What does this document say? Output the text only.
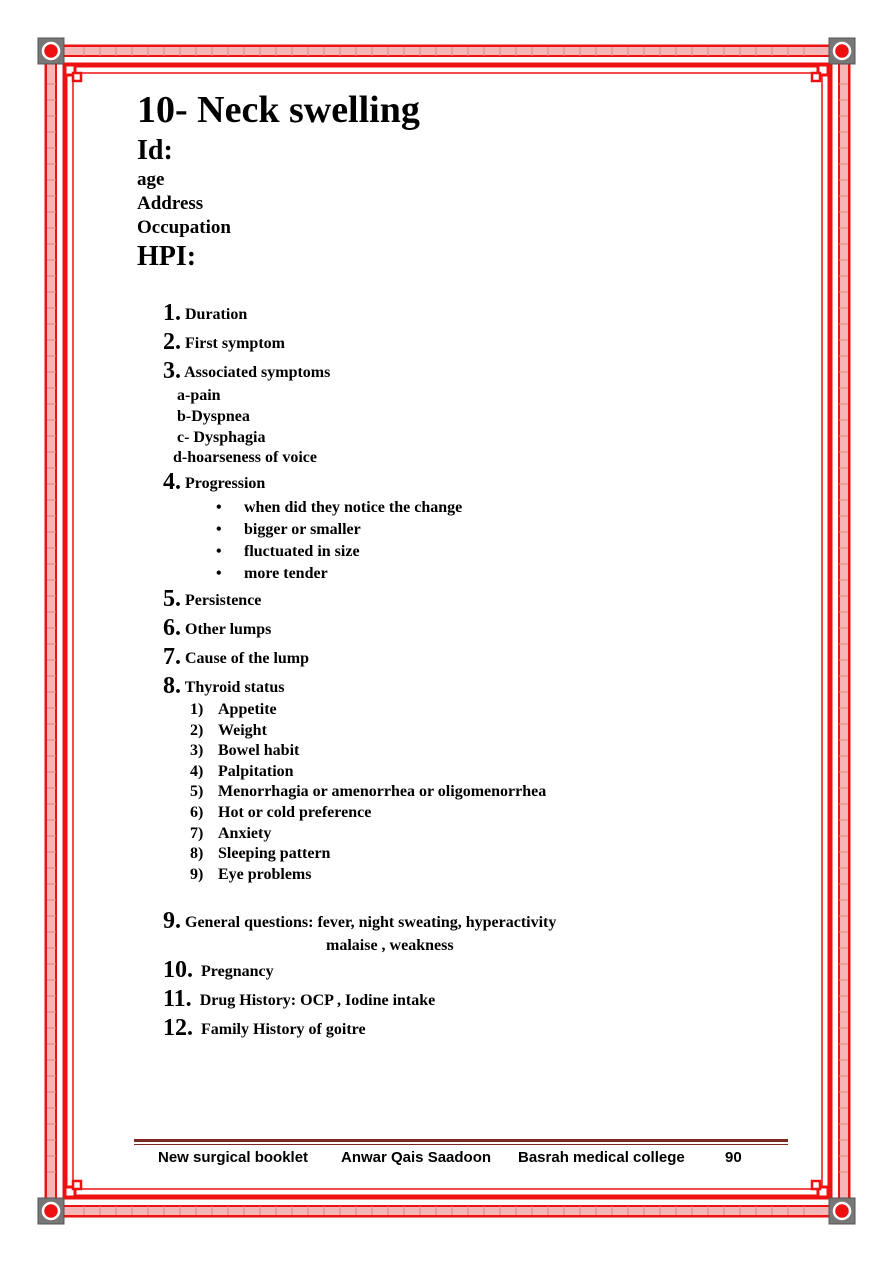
10- Neck swelling
Id:
age
Address
Occupation
HPI:
1. Duration
2. First symptom
3. Associated symptoms
a-pain
b-Dyspnea
c- Dysphagia
d-hoarseness of voice
4. Progression
• when did they notice the change
• bigger or smaller
• fluctuated in size
• more tender
5. Persistence
6. Other lumps
7. Cause of the lump
8. Thyroid status
1) Appetite
2) Weight
3) Bowel habit
4) Palpitation
5) Menorrhagia or amenorrhea or oligomenorrhea
6) Hot or cold preference
7) Anxiety
8) Sleeping pattern
9) Eye problems
9. General questions: fever, night sweating, hyperactivity
malaise , weakness
10. Pregnancy
11. Drug History: OCP , Iodine intake
12. Family History of goitre
New surgical booklet Anwar Qais Saadoon Basrah medical college	90
